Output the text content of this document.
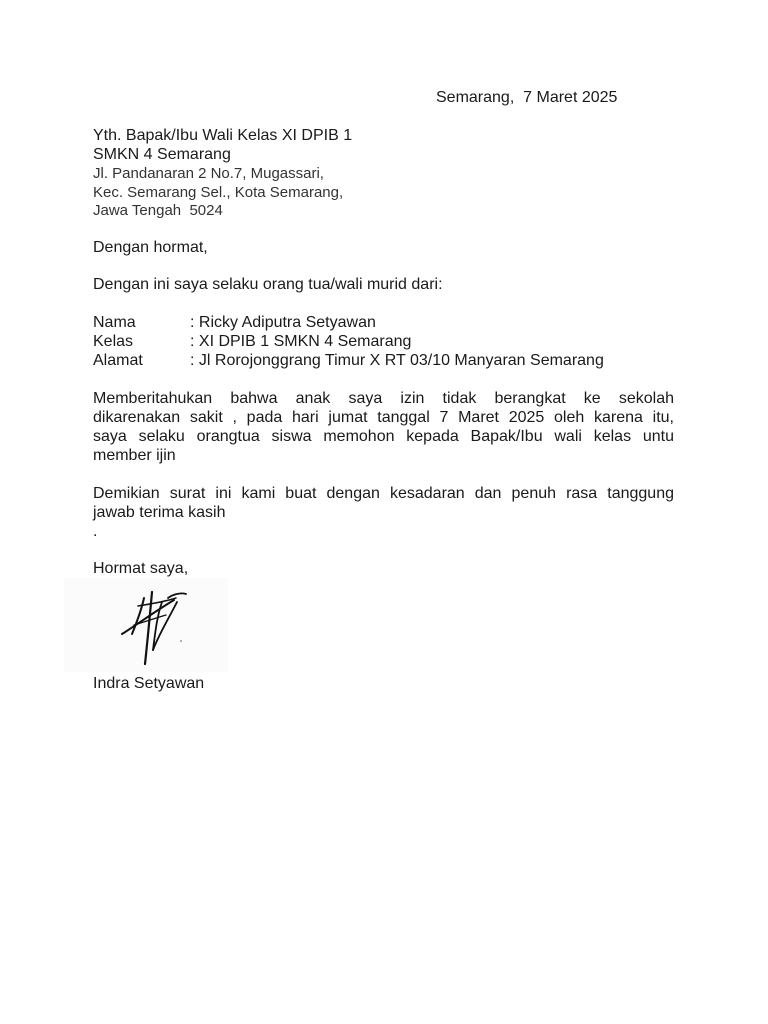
Semarang,  7 Maret 2025
Yth. Bapak/Ibu Wali Kelas XI DPIB 1
SMKN 4 Semarang
Jl. Pandanaran 2 No.7, Mugassari,
Kec. Semarang Sel., Kota Semarang,
Jawa Tengah  5024
Dengan hormat,
Dengan ini saya selaku orang tua/wali murid dari:
Nama	: Ricky Adiputra Setyawan
Kelas	: XI DPIB 1 SMKN 4 Semarang
Alamat	: Jl Rorojonggrang Timur X RT 03/10 Manyaran Semarang
Memberitahukan bahwa anak saya izin tidak berangkat ke sekolah
dikarenakan sakit , pada hari jumat tanggal 7 Maret 2025 oleh karena itu,
saya selaku orangtua siswa memohon kepada Bapak/Ibu wali kelas untu
member ijin
Demikian surat ini kami buat dengan kesadaran dan penuh rasa tanggung
jawab terima kasih
.
Hormat saya,
Indra Setyawan
